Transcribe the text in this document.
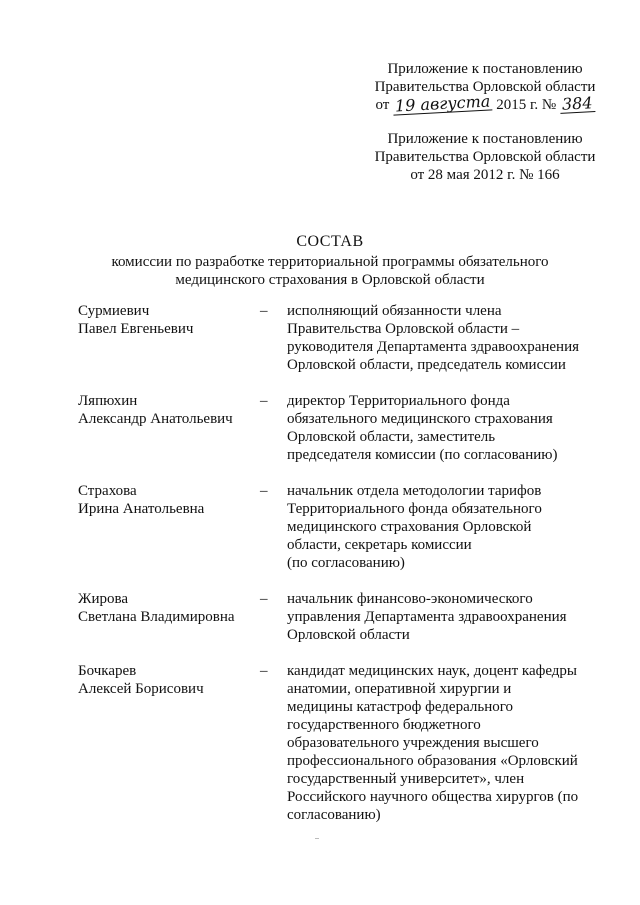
Приложение к постановлению
Правительства Орловской области
от 19 августа 2015 г. № 384
Приложение к постановлению
Правительства Орловской области
от 28 мая 2012 г. № 166
СОСТАВ
комиссии по разработке территориальной программы обязательного
медицинского страхования в Орловской области
Сурмиевич
Павел Евгеньевич
–	исполняющий обязанности члена
Правительства Орловской области –
руководителя Департамента здравоохранения
Орловской области, председатель комиссии
Ляпюхин
Александр Анатольевич
–	директор Территориального фонда
обязательного медицинского страхования
Орловской области, заместитель
председателя комиссии (по согласованию)
Страхова
Ирина Анатольевна
–	начальник отдела методологии тарифов
Территориального фонда обязательного
медицинского страхования Орловской
области, секретарь комиссии
(по согласованию)
Жирова
Светлана Владимировна
–	начальник финансово-экономического
управления Департамента здравоохранения
Орловской области
Бочкарев
Алексей Борисович
–	кандидат медицинских наук, доцент кафедры
анатомии, оперативной хирургии и
медицины катастроф федерального
государственного бюджетного
образовательного учреждения высшего
профессионального образования «Орловский
государственный университет», член
Российского научного общества хирургов (по
согласованию)
